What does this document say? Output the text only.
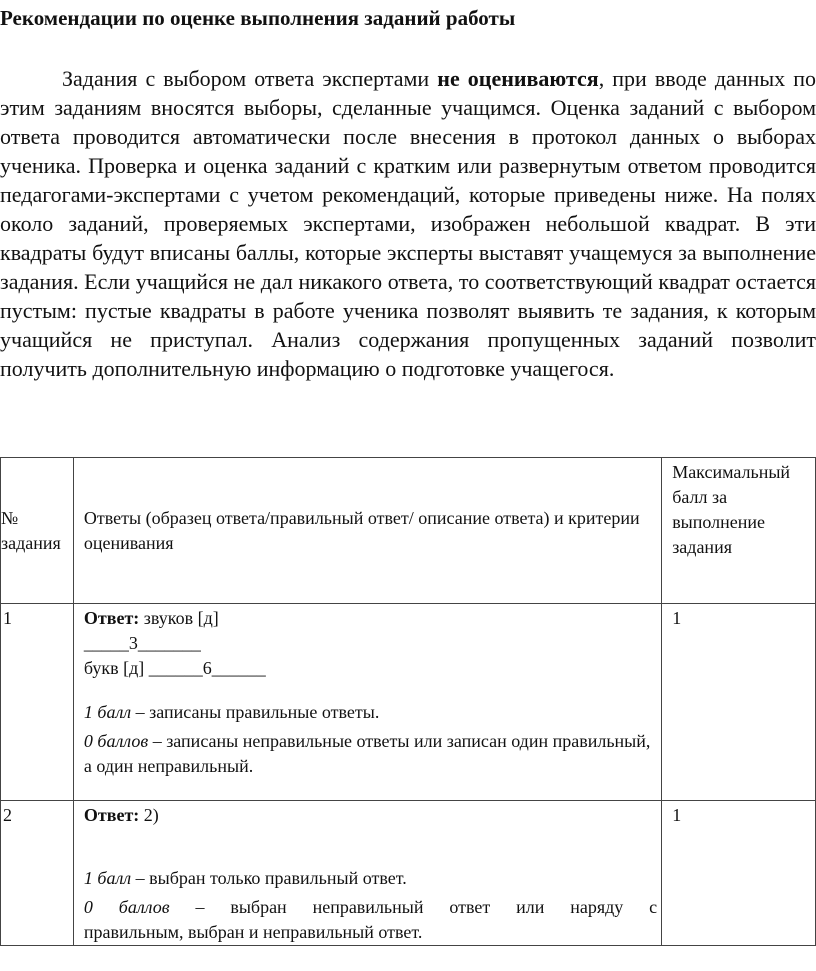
Рекомендации по оценке выполнения заданий работы
Задания с выбором ответа экспертами не оцениваются, при вводе данных по этим заданиям вносятся выборы, сделанные учащимся. Оценка заданий с выбором ответа проводится автоматически после внесения в протокол данных о выборах ученика. Проверка и оценка заданий с кратким или развернутым ответом проводится педагогами-экспертами с учетом рекомендаций, которые приведены ниже. На полях около заданий, проверяемых экспертами, изображен небольшой квадрат. В эти квадраты будут вписаны баллы, которые эксперты выставят учащемуся за выполнение задания. Если учащийся не дал никакого ответа, то соответствующий квадрат остается пустым: пустые квадраты в работе ученика позволят выявить те задания, к которым учащийся не приступал. Анализ содержания пропущенных заданий позволит получить дополнительную информацию о подготовке учащегося.
№
задания	Ответы (образец ответа/правильный ответ/ описание ответа) и критерии оценивания	Максимальный балл за выполнение задания

1	Ответ: звуков [д]
_____3_______
букв [д] ______6______
1 балл – записаны правильные ответы.
0 баллов – записаны неправильные ответы или записан один правильный, а один неправильный.	1

2	Ответ: 2)
1 балл – выбран только правильный ответ.
0 баллов – выбран неправильный ответ или наряду с
правильным, выбран и неправильный ответ.	1
